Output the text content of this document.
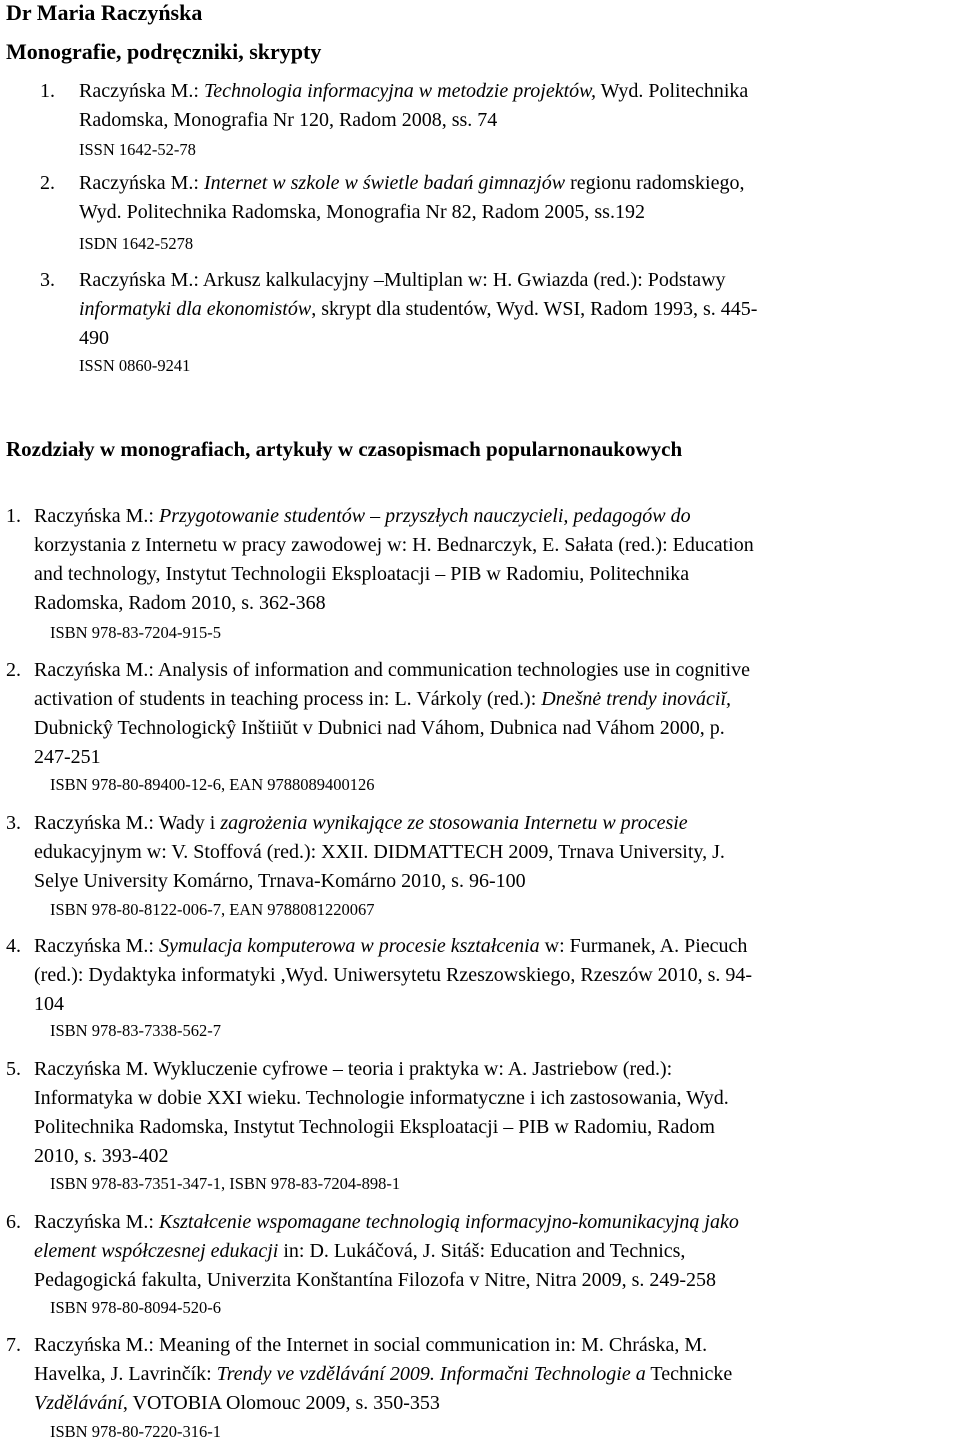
Dr Maria Raczyńska
Monografie, podręczniki, skrypty
1. Raczyńska M.: Technologia informacyjna w metodzie projektów, Wyd. Politechnika
Radomska, Monografia Nr 120, Radom 2008, ss. 74
ISSN 1642-52-78
2. Raczyńska M.: Internet w szkole w świetle badań gimnazjów regionu radomskiego,
Wyd. Politechnika Radomska, Monografia Nr 82, Radom 2005, ss.192
ISDN 1642-5278
3. Raczyńska M.: Arkusz kalkulacyjny –Multiplan w: H. Gwiazda (red.): Podstawy
informatyki dla ekonomistów, skrypt dla studentów, Wyd. WSI, Radom 1993, s. 445-
490
ISSN 0860-9241
Rozdziały w monografiach, artykuły w czasopismach popularnonaukowych
1. Raczyńska M.: Przygotowanie studentów – przyszłych nauczycieli, pedagogów do
korzystania z Internetu w pracy zawodowej w: H. Bednarczyk, E. Sałata (red.): Education
and technology, Instytut Technologii Eksploatacji – PIB w Radomiu, Politechnika
Radomska, Radom 2010, s. 362-368
ISBN 978-83-7204-915-5
2. Raczyńska M.: Analysis of information and communication technologies use in cognitive
activation of students in teaching process in: L. Várkoly (red.): Dnešnė trendy inováciĭ,
Dubnickŷ Technologickŷ Inštiiŭt v Dubnici nad Váhom, Dubnica nad Váhom 2000, p.
247-251
ISBN 978-80-89400-12-6, EAN 9788089400126
3. Raczyńska M.: Wady i zagrożenia wynikające ze stosowania Internetu w procesie
edukacyjnym w: V. Stoffová (red.): XXII. DIDMATTECH 2009, Trnava University, J.
Selye University Komárno, Trnava-Komárno 2010, s. 96-100
ISBN 978-80-8122-006-7, EAN 9788081220067
4. Raczyńska M.: Symulacja komputerowa w procesie kształcenia w: Furmanek, A. Piecuch
(red.): Dydaktyka informatyki ,Wyd. Uniwersytetu Rzeszowskiego, Rzeszów 2010, s. 94-
104
ISBN 978-83-7338-562-7
5. Raczyńska M. Wykluczenie cyfrowe – teoria i praktyka w: A. Jastriebow (red.):
Informatyka w dobie XXI wieku. Technologie informatyczne i ich zastosowania, Wyd.
Politechnika Radomska, Instytut Technologii Eksploatacji – PIB w Radomiu, Radom
2010, s. 393-402
ISBN 978-83-7351-347-1, ISBN 978-83-7204-898-1
6. Raczyńska M.: Kształcenie wspomagane technologią informacyjno-komunikacyjną jako
element współczesnej edukacji in: D. Lukáčová, J. Sitáš: Education and Technics,
Pedagogická fakulta, Univerzita Konštantína Filozofa v Nitre, Nitra 2009, s. 249-258
ISBN 978-80-8094-520-6
7. Raczyńska M.: Meaning of the Internet in social communication in: M. Chráska, M.
Havelka, J. Lavrinčík: Trendy ve vzdělávání 2009. Informačni Technologie a Technicke
Vzdělávání, VOTOBIA Olomouc 2009, s. 350-353
ISBN 978-80-7220-316-1
